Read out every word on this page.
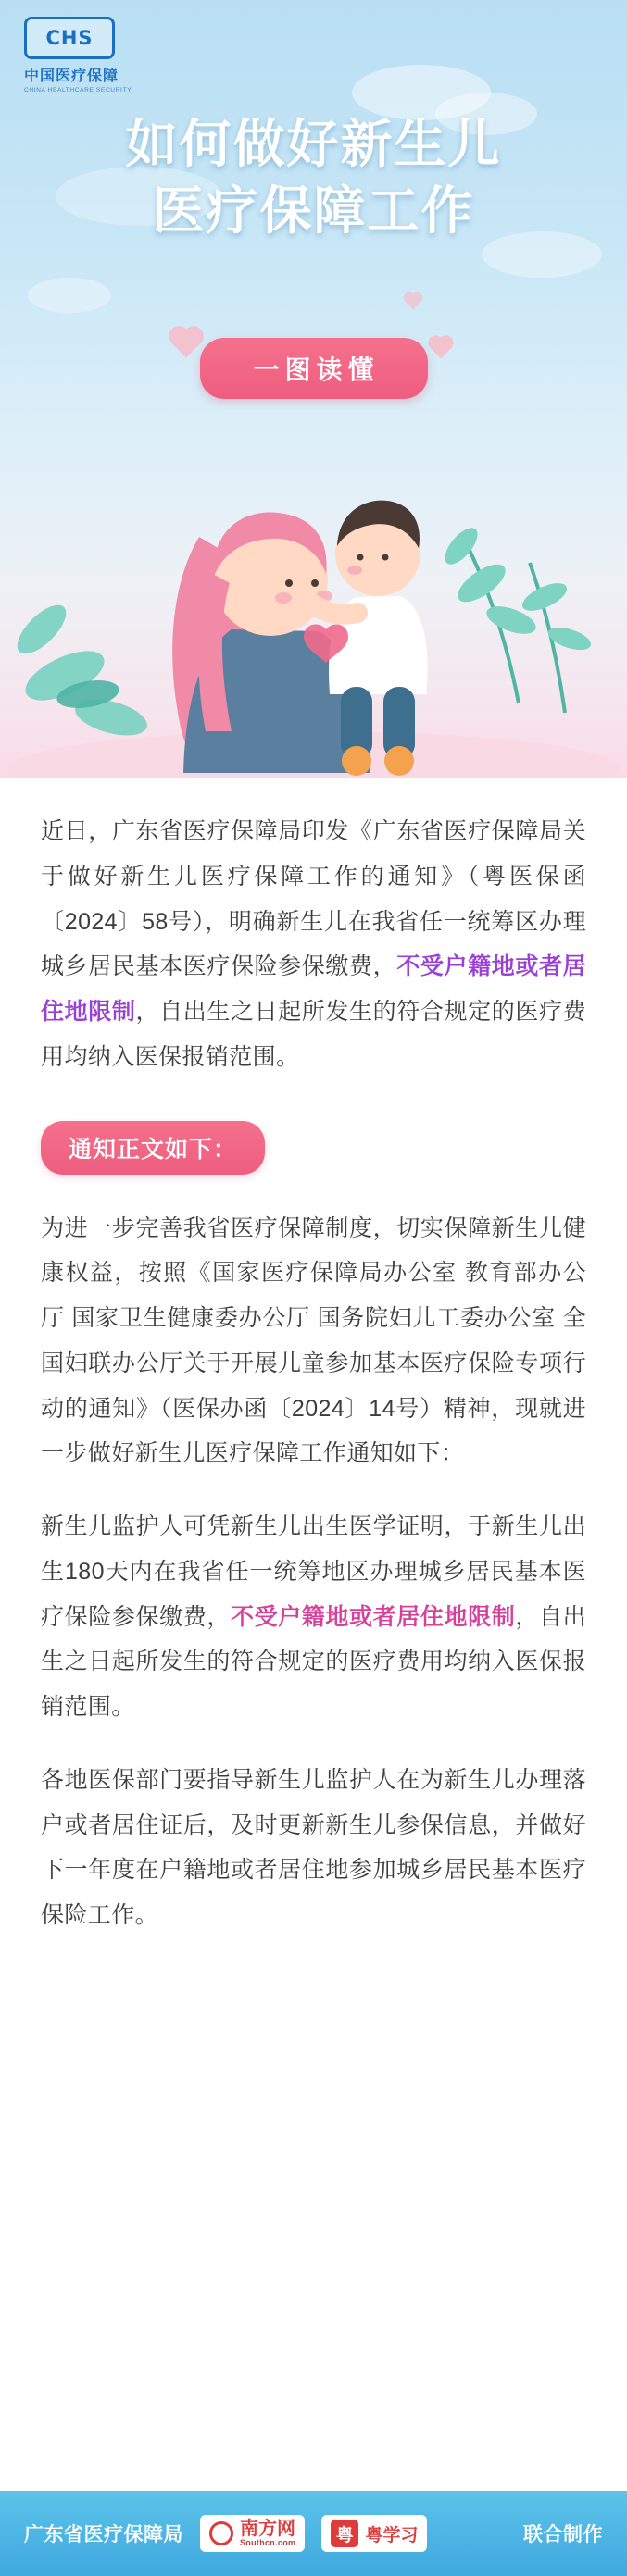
CHS
中国医疗保障
CHINA HEALTHCARE SECURITY
如何做好新生儿
医疗保障工作
一图读懂

近日，广东省医疗保障局印发《广东省医疗保障局关于做好新生儿医疗保障工作的通知》（粤医保函〔2024〕58号），明确新生儿在我省任一统筹区办理城乡居民基本医疗保险参保缴费，不受户籍地或者居住地限制，自出生之日起所发生的符合规定的医疗费用均纳入医保报销范围。

通知正文如下：

为进一步完善我省医疗保障制度，切实保障新生儿健康权益，按照《国家医疗保障局办公室 教育部办公厅 国家卫生健康委办公厅 国务院妇儿工委办公室 全国妇联办公厅关于开展儿童参加基本医疗保险专项行动的通知》（医保办函〔2024〕14号）精神，现就进一步做好新生儿医疗保障工作通知如下：

新生儿监护人可凭新生儿出生医学证明，于新生儿出生180天内在我省任一统筹地区办理城乡居民基本医疗保险参保缴费，不受户籍地或者居住地限制，自出生之日起所发生的符合规定的医疗费用均纳入医保报销范围。

各地医保部门要指导新生儿监护人在为新生儿办理落户或者居住证后，及时更新新生儿参保信息，并做好下一年度在户籍地或者居住地参加城乡居民基本医疗保险工作。

广东省医疗保障局	南方网
Southcn.com 粤 粤学习	联合制作
